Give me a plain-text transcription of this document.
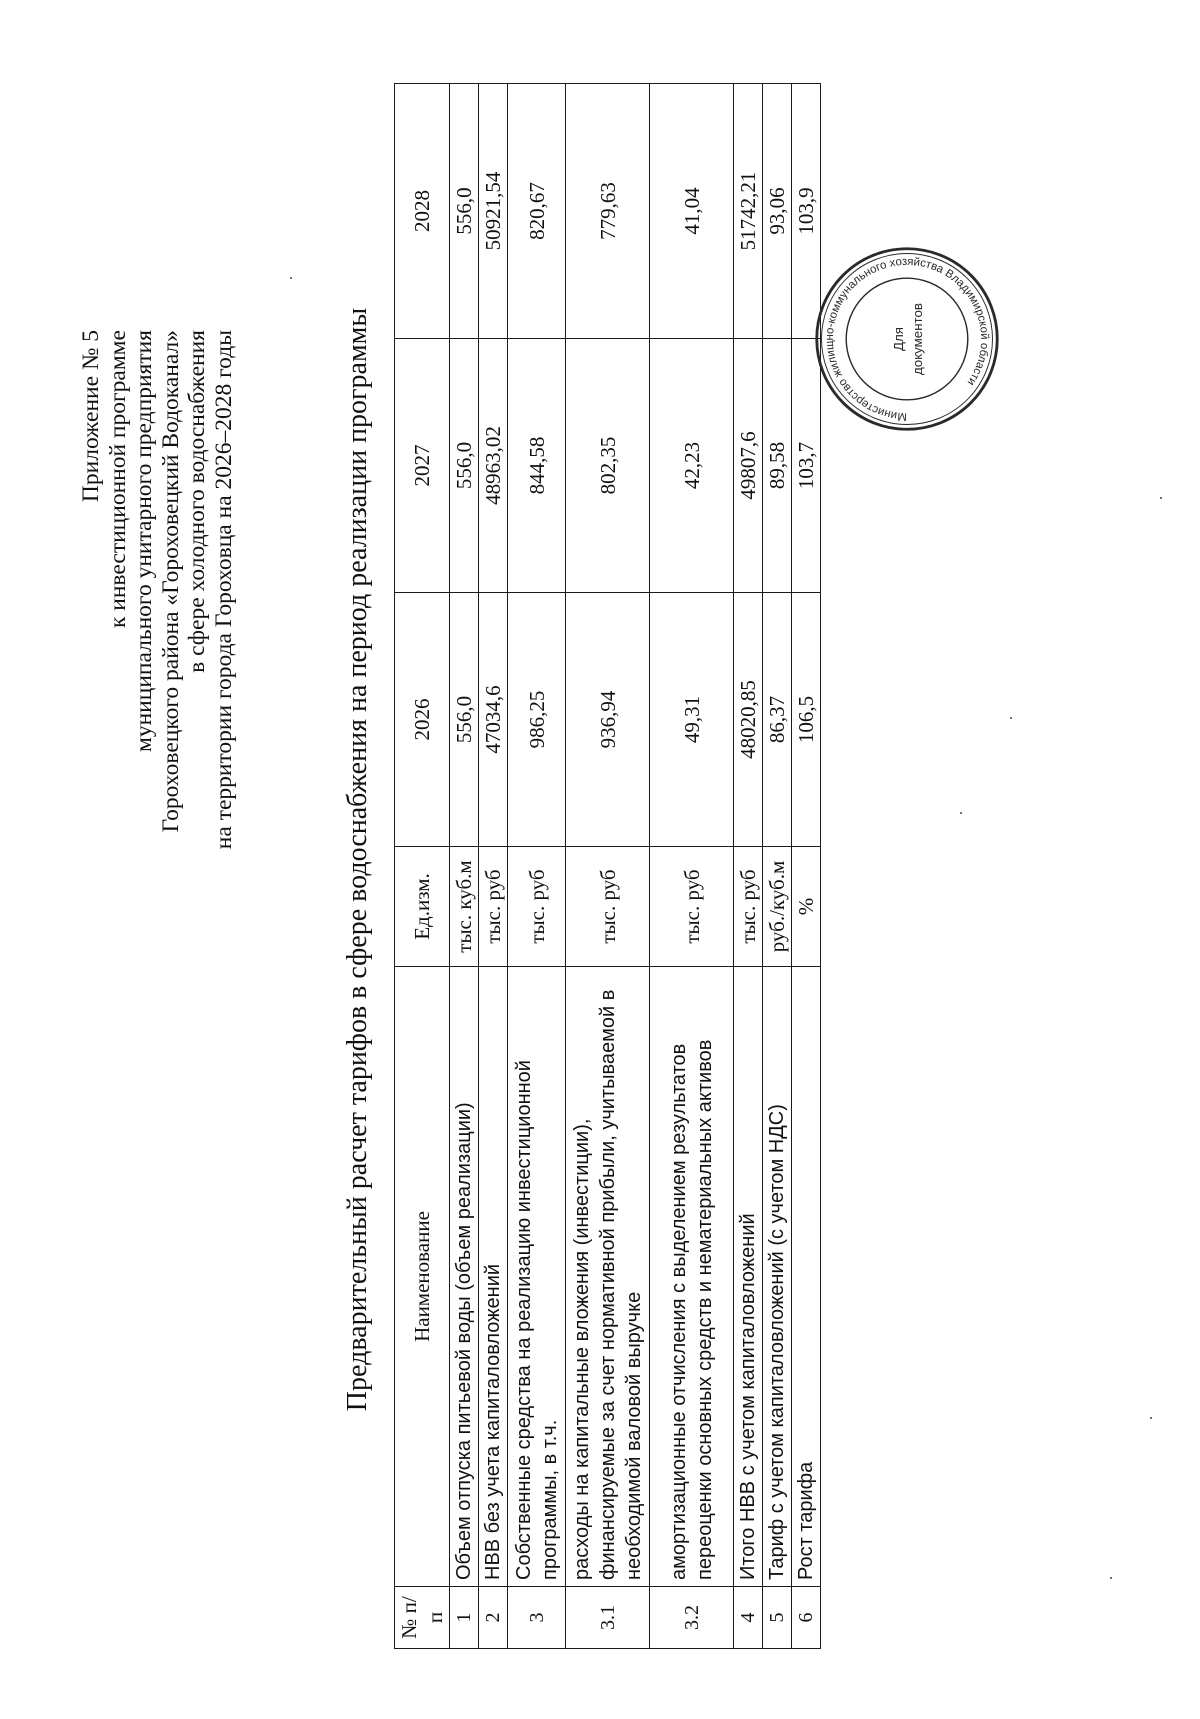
Приложение № 5 к инвестиционной программе муниципального унитарного предприятия Гороховецкого района «Гороховецкий Водоканал» в сфере холодного водоснабжения на территории города Гороховца на 2026–2028 годы	Предварительный расчет тарифов в сфере водоснабжения на период реализации программы
№ п/п	Наименование	Ед.изм.	2026	2027	2028
1	Объем отпуска питьевой воды (объем реализации)	тыс. куб.м	556,0	556,0	556,0
2	НВВ без учета капиталовложений	тыс. руб	47034,6	48963,02	50921,54
3	Собственные средства на реализацию инвестиционной программы, в т.ч.	тыс. руб	986,25	844,58	820,67
3.1	расходы на капитальные вложения (инвестиции), финансируемые за счет нормативной прибыли, учитываемой в необходимой валовой выручке	тыс. руб	936,94	802,35	779,63
3.2	амортизационные отчисления с выделением результатов переоценки основных средств и нематериальных активов	тыс. руб	49,31	42,23	41,04
4	Итого НВВ с учетом капиталовложений	тыс. руб	48020,85	49807,6	51742,21
5	Тариф с учетом капиталовложений (с учетом НДС)	руб./куб.м	86,37	89,58	93,06
6	Рост тарифа	%	106,5	103,7	103,9
Министерство жилищно-коммунального хозяйства Владимирской области
Для документов
